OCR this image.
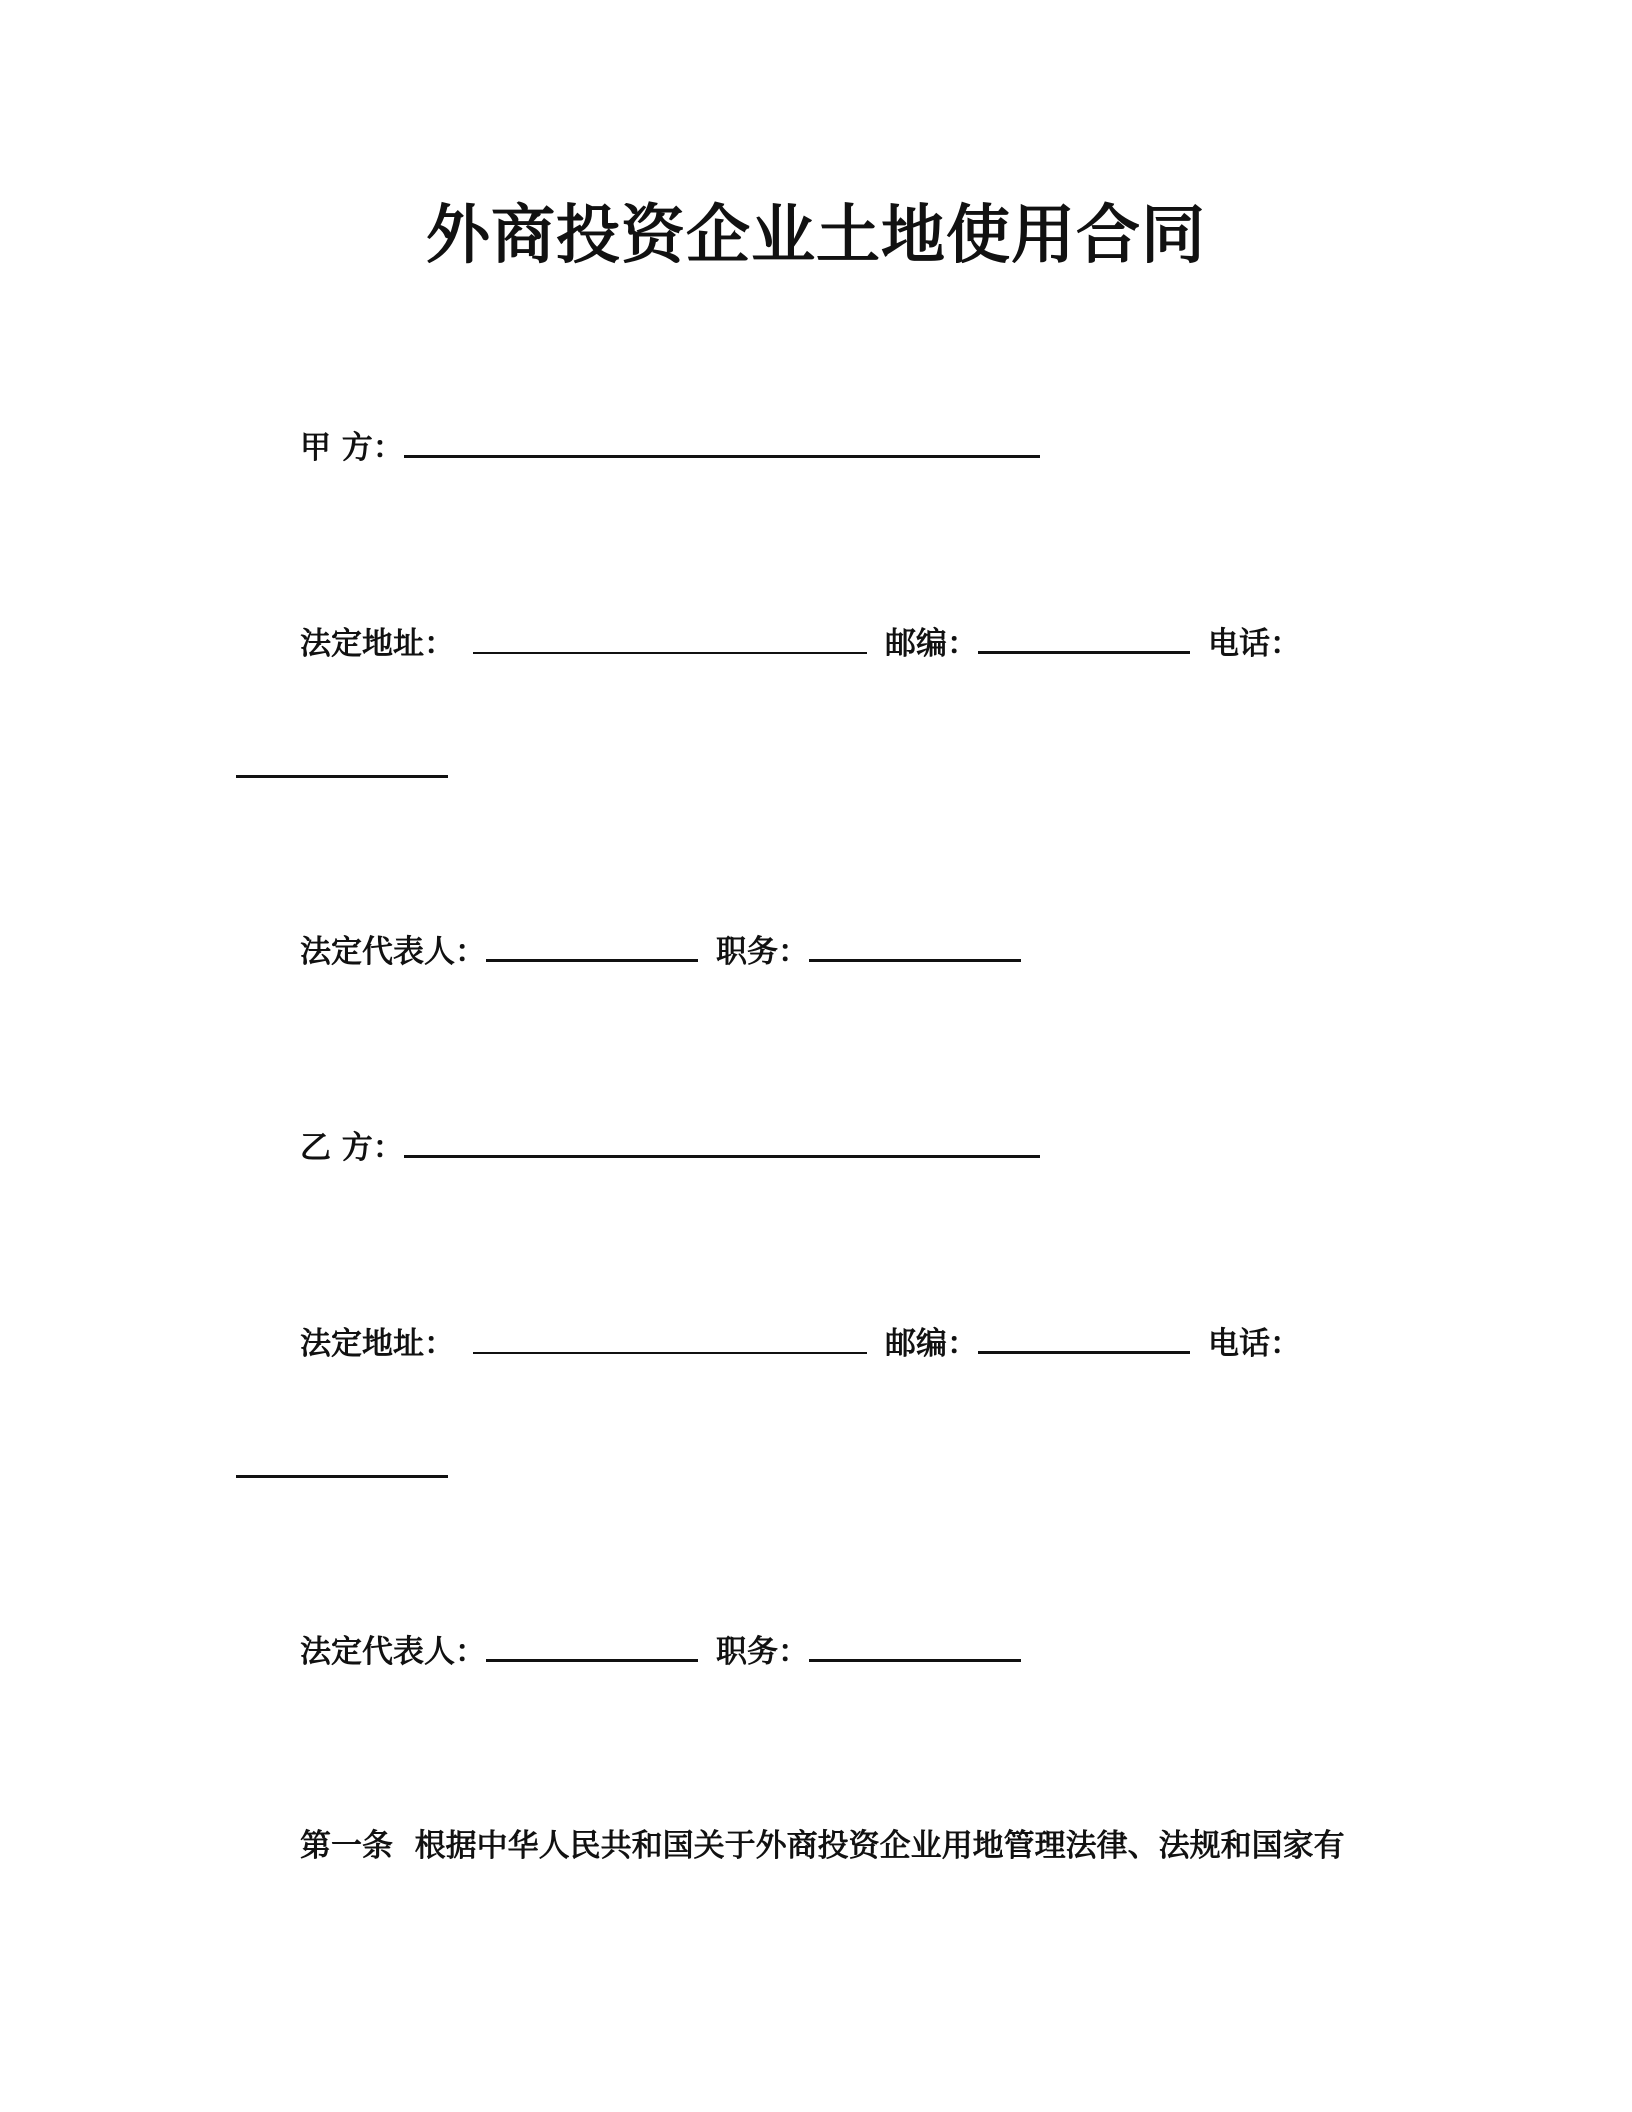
外商投资企业土地使用合同
甲 方：
法定地址：	邮编：	电话：
法定代表人：	职务：
乙 方：
法定地址：	邮编：	电话：
法定代表人：	职务：
第一条  根据中华人民共和国关于外商投资企业用地管理法律、法规和国家有
